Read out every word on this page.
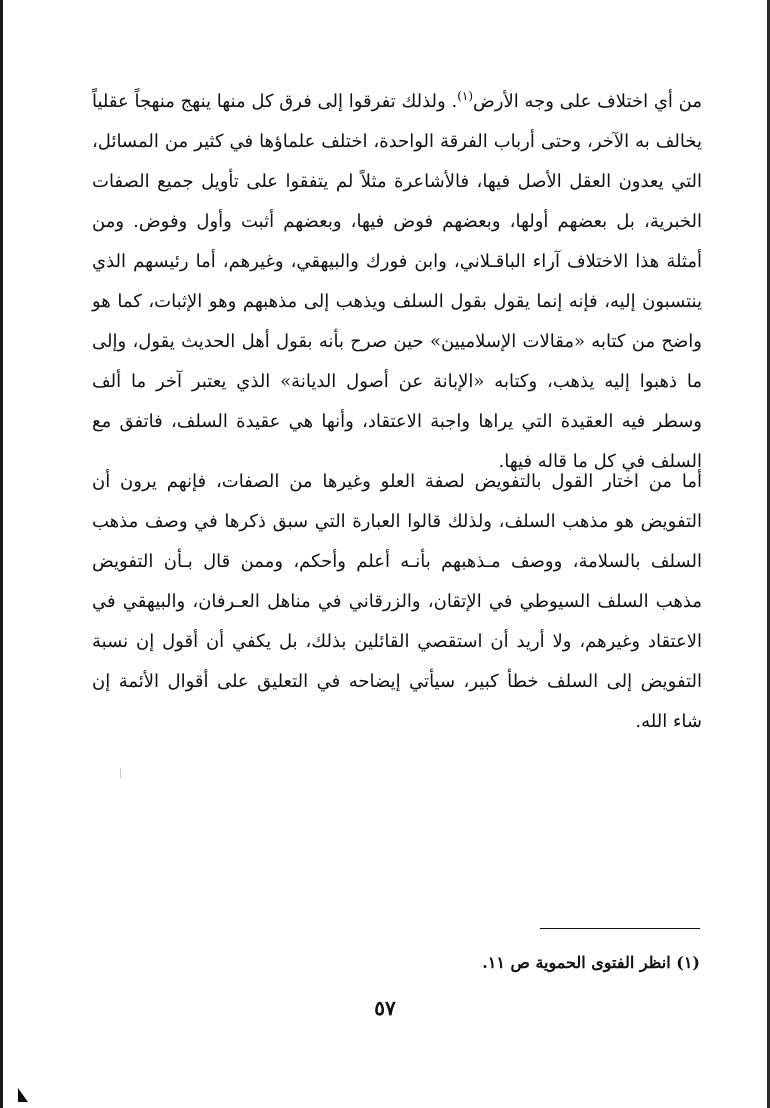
من أي اختلاف على وجه الأرض$^{(١)}$. ولذلك تفرقوا إلى فرق كل منها ينهج منهجاً عقلياً يخالف به الآخر، وحتى أرباب الفرقة الواحدة، اختلف علماؤها في كثير من المسائل، التي يعدون العقل الأصل فيها، فالأشاعرة مثلاً لم يتفقوا على تأويل جميع الصفات الخبرية، بل بعضهم أولها، وبعضهم فوض فيها، وبعضهم أثبت وأول وفوض. ومن أمثلة هذا الاختلاف آراء الباقـلاني، وابن فورك والبيهقي، وغيرهم، أما رئيسهم الذي ينتسبون إليه، فإنه إنما يقول بقول السلف ويذهب إلى مذهبهم وهو الإثبات، كما هو واضح من كتابه «مقالات الإسلاميين» حين صرح بأنه بقول أهل الحديث يقول، وإلى ما ذهبوا إليه يذهب، وكتابه «الإبانة عن أصول الديانة» الذي يعتبر آخر ما ألف وسطر فيه العقيدة التي يراها واجبة الاعتقاد، وأنها هي عقيدة السلف، فاتفق مع السلف في كل ما قاله فيها.

أما من اختار القول بالتفويض لصفة العلو وغيرها من الصفات، فإنهم يرون أن التفويض هو مذهب السلف، ولذلك قالوا العبارة التي سبق ذكرها في وصف مذهب السلف بالسلامة، ووصف مـذهبهم بأنـه أعلم وأحكم، وممن قال بـأن التفويض مذهب السلف السيوطي في الإتقان، والزرقاني في مناهل العـرفان، والبيهقي في الاعتقاد وغيرهم، ولا أريد أن استقصي القائلين بذلك، بل يكفي أن أقول إن نسبة التفويض إلى السلف خطأ كبير، سيأتي إيضاحه في التعليق على أقوال الأئمة إن شاء الله.

(١) انظر الفتوى الحموية ص ١١.
٥٧
